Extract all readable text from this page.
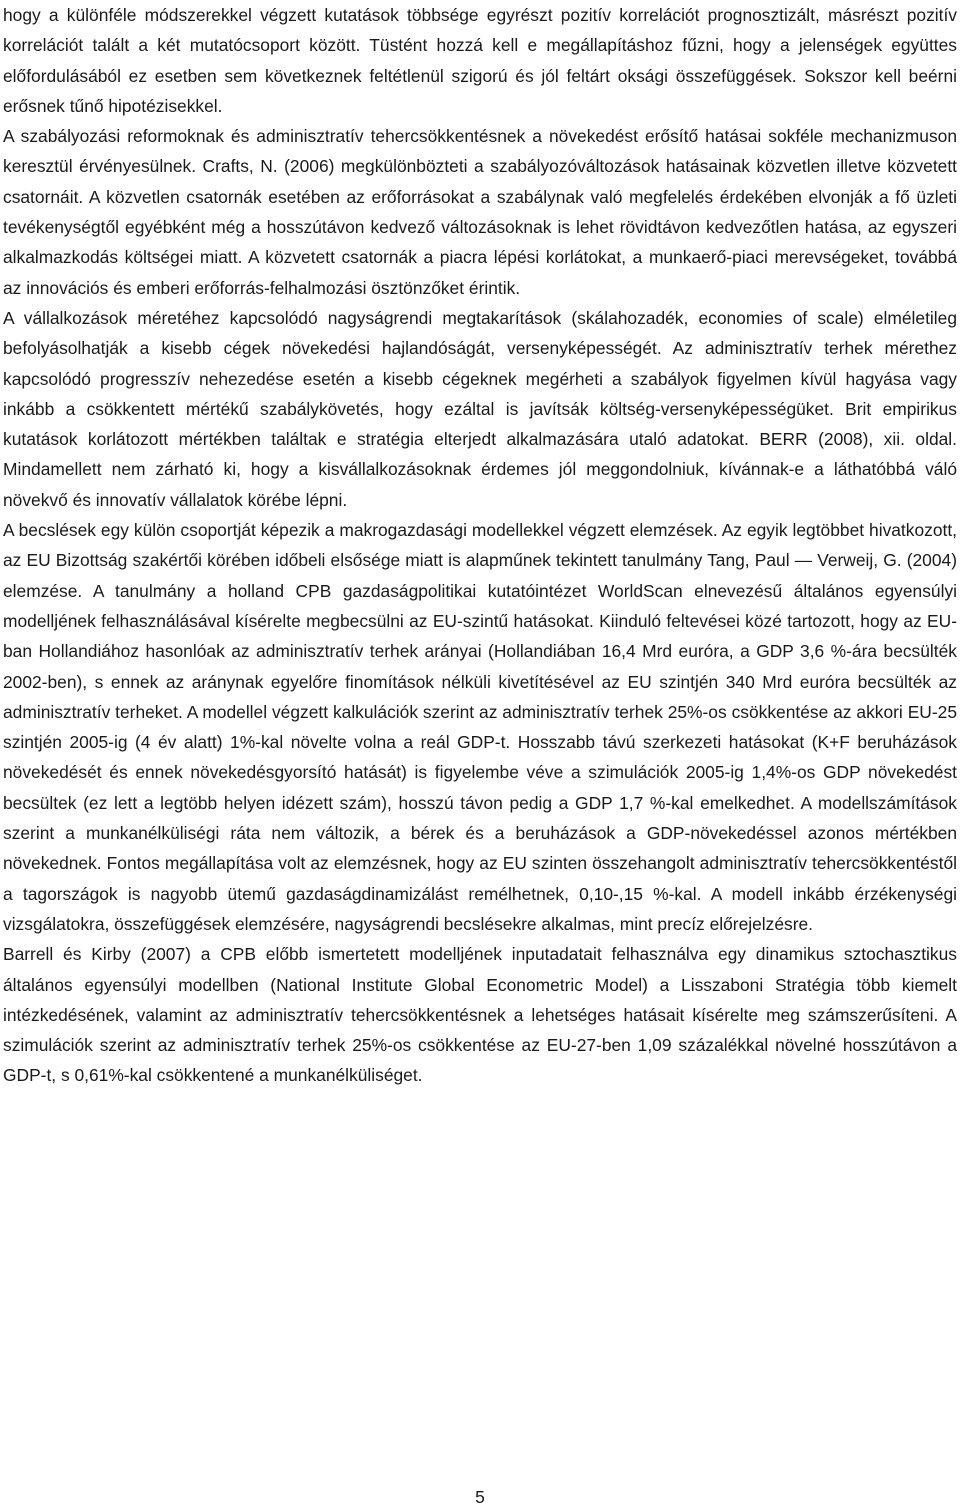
hogy a különféle módszerekkel végzett kutatások többsége egyrészt pozitív korrelációt prognosztizált, másrészt pozitív korrelációt talált a két mutatócsoport között. Tüstént hozzá kell e megállapításhoz fűzni, hogy a jelenségek együttes előfordulásából ez esetben sem következnek feltétlenül szigorú és jól feltárt oksági összefüggések. Sokszor kell beérni erősnek tűnő hipotézisekkel.

A szabályozási reformoknak és adminisztratív tehercsökkentésnek a növekedést erősítő hatásai sokféle mechanizmuson keresztül érvényesülnek. Crafts, N. (2006) megkülönbözteti a szabályozóváltozások hatásainak közvetlen illetve közvetett csatornáit. A közvetlen csatornák esetében az erőforrásokat a szabálynak való megfelelés érdekében elvonják a fő üzleti tevékenységtől egyébként még a hosszútávon kedvező változásoknak is lehet rövidtávon kedvezőtlen hatása, az egyszeri alkalmazkodás költségei miatt. A közvetett csatornák a piacra lépési korlátokat, a munkaerő-piaci merevségeket, továbbá az innovációs és emberi erőforrás-felhalmozási ösztönzőket érintik.

A vállalkozások méretéhez kapcsolódó nagyságrendi megtakarítások (skálahozadék, economies of scale) elméletileg befolyásolhatják a kisebb cégek növekedési hajlandóságát, versenyképességét. Az adminisztratív terhek mérethez kapcsolódó progresszív nehezedése esetén a kisebb cégeknek megérheti a szabályok figyelmen kívül hagyása vagy inkább a csökkentett mértékű szabálykövetés, hogy ezáltal is javítsák költség-versenyképességüket. Brit empirikus kutatások korlátozott mértékben találtak e stratégia elterjedt alkalmazására utaló adatokat. BERR (2008), xii. oldal. Mindamellett nem zárható ki, hogy a kisvállalkozásoknak érdemes jól meggondolniuk, kívánnak-e a láthatóbbá váló növekvő és innovatív vállalatok körébe lépni.

A becslések egy külön csoportját képezik a makrogazdasági modellekkel végzett elemzések. Az egyik legtöbbet hivatkozott, az EU Bizottság szakértői körében időbeli elsősége miatt is alapműnek tekintett tanulmány Tang, Paul — Verweij, G. (2004) elemzése. A tanulmány a holland CPB gazdaságpolitikai kutatóintézet WorldScan elnevezésű általános egyensúlyi modelljének felhasználásával kísérelte megbecsülni az EU-szintű hatásokat. Kiinduló feltevései közé tartozott, hogy az EU-ban Hollandiához hasonlóak az adminisztratív terhek arányai (Hollandiában 16,4 Mrd euróra, a GDP 3,6 %-ára becsülték 2002-ben), s ennek az aránynak egyelőre finomítások nélküli kivetítésével az EU szintjén 340 Mrd euróra becsülték az adminisztratív terheket. A modellel végzett kalkulációk szerint az adminisztratív terhek 25%-os csökkentése az akkori EU-25 szintjén 2005-ig (4 év alatt) 1%-kal növelte volna a reál GDP-t. Hosszabb távú szerkezeti hatásokat (K+F beruházások növekedését és ennek növekedésgyorsító hatását) is figyelembe véve a szimulációk 2005-ig 1,4%-os GDP növekedést becsültek (ez lett a legtöbb helyen idézett szám), hosszú távon pedig a GDP 1,7 %-kal emelkedhet. A modellszámítások szerint a munkanélküliségi ráta nem változik, a bérek és a beruházások a GDP-növekedéssel azonos mértékben növekednek. Fontos megállapítása volt az elemzésnek, hogy az EU szinten összehangolt adminisztratív tehercsökkentéstől a tagországok is nagyobb ütemű gazdaságdinamizálást remélhetnek, 0,10-,15 %-kal. A modell inkább érzékenységi vizsgálatokra, összefüggések elemzésére, nagyságrendi becslésekre alkalmas, mint precíz előrejelzésre.

Barrell és Kirby (2007) a CPB előbb ismertetett modelljének inputadatait felhasználva egy dinamikus sztochasztikus általános egyensúlyi modellben (National Institute Global Econometric Model) a Lisszaboni Stratégia több kiemelt intézkedésének, valamint az adminisztratív tehercsökkentésnek a lehetséges hatásait kísérelte meg számszerűsíteni. A szimulációk szerint az adminisztratív terhek 25%-os csökkentése az EU-27-ben 1,09 százalékkal növelné hosszútávon a GDP-t, s 0,61%-kal csökkentené a munkanélküliséget.

5
